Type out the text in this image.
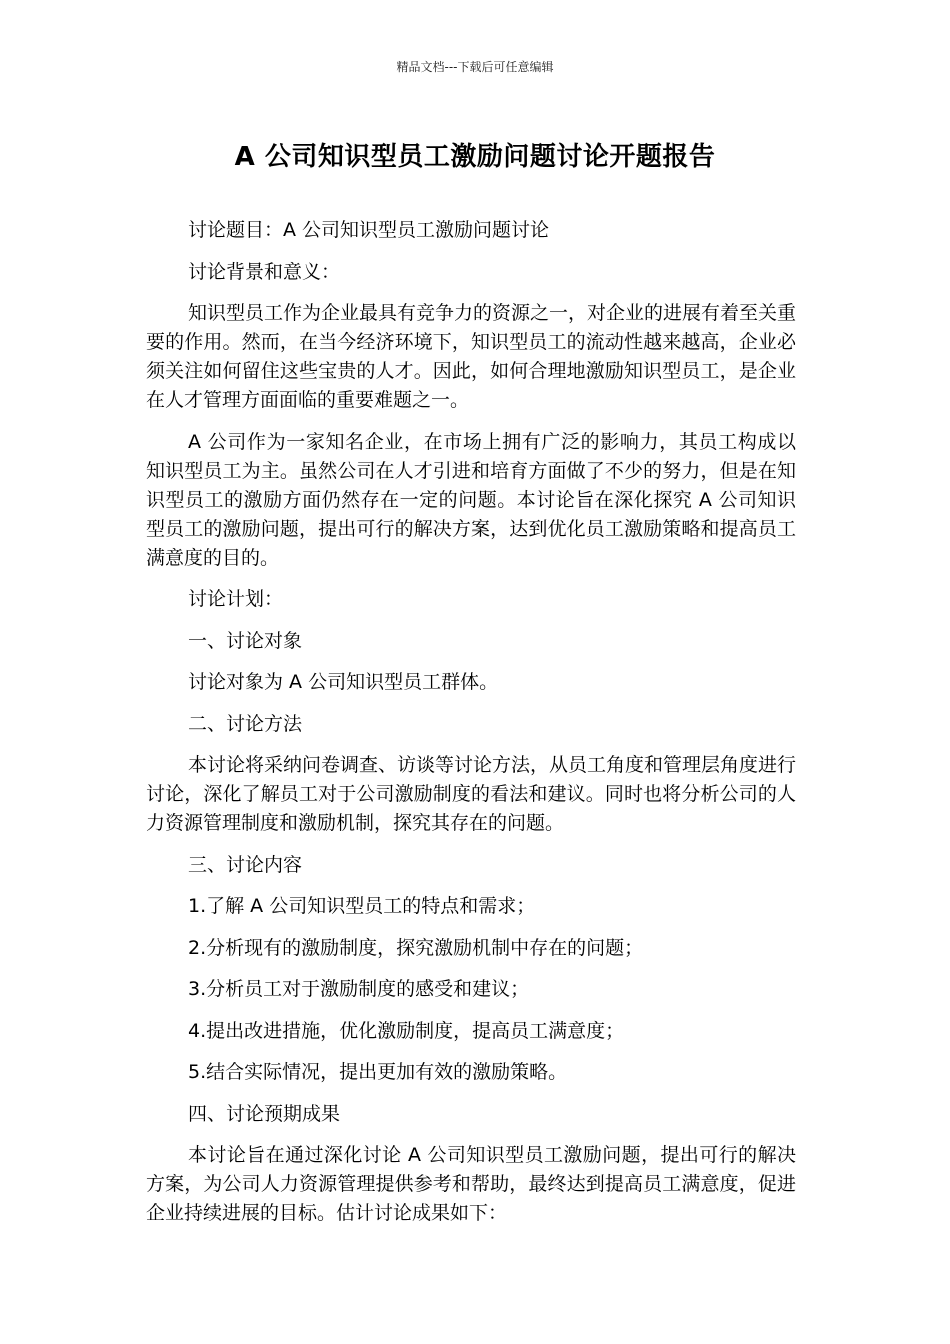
精品文档---下载后可任意编辑
A 公司知识型员工激励问题讨论开题报告

讨论题目：A 公司知识型员工激励问题讨论

讨论背景和意义：

知识型员工作为企业最具有竞争力的资源之一，对企业的进展有着至关重要的作用。然而，在当今经济环境下，知识型员工的流动性越来越高，企业必须关注如何留住这些宝贵的人才。因此，如何合理地激励知识型员工，是企业在人才管理方面面临的重要难题之一。

A 公司作为一家知名企业，在市场上拥有广泛的影响力，其员工构成以知识型员工为主。虽然公司在人才引进和培育方面做了不少的努力，但是在知识型员工的激励方面仍然存在一定的问题。本讨论旨在深化探究 A 公司知识型员工的激励问题，提出可行的解决方案，达到优化员工激励策略和提高员工满意度的目的。

讨论计划：

一、讨论对象

讨论对象为 A 公司知识型员工群体。

二、讨论方法

本讨论将采纳问卷调查、访谈等讨论方法，从员工角度和管理层角度进行讨论，深化了解员工对于公司激励制度的看法和建议。同时也将分析公司的人力资源管理制度和激励机制，探究其存在的问题。

三、讨论内容

1.了解 A 公司知识型员工的特点和需求；

2.分析现有的激励制度，探究激励机制中存在的问题；

3.分析员工对于激励制度的感受和建议；

4.提出改进措施，优化激励制度，提高员工满意度；

5.结合实际情况，提出更加有效的激励策略。

四、讨论预期成果

本讨论旨在通过深化讨论 A 公司知识型员工激励问题，提出可行的解决方案，为公司人力资源管理提供参考和帮助，最终达到提高员工满意度，促进企业持续进展的目标。估计讨论成果如下：
